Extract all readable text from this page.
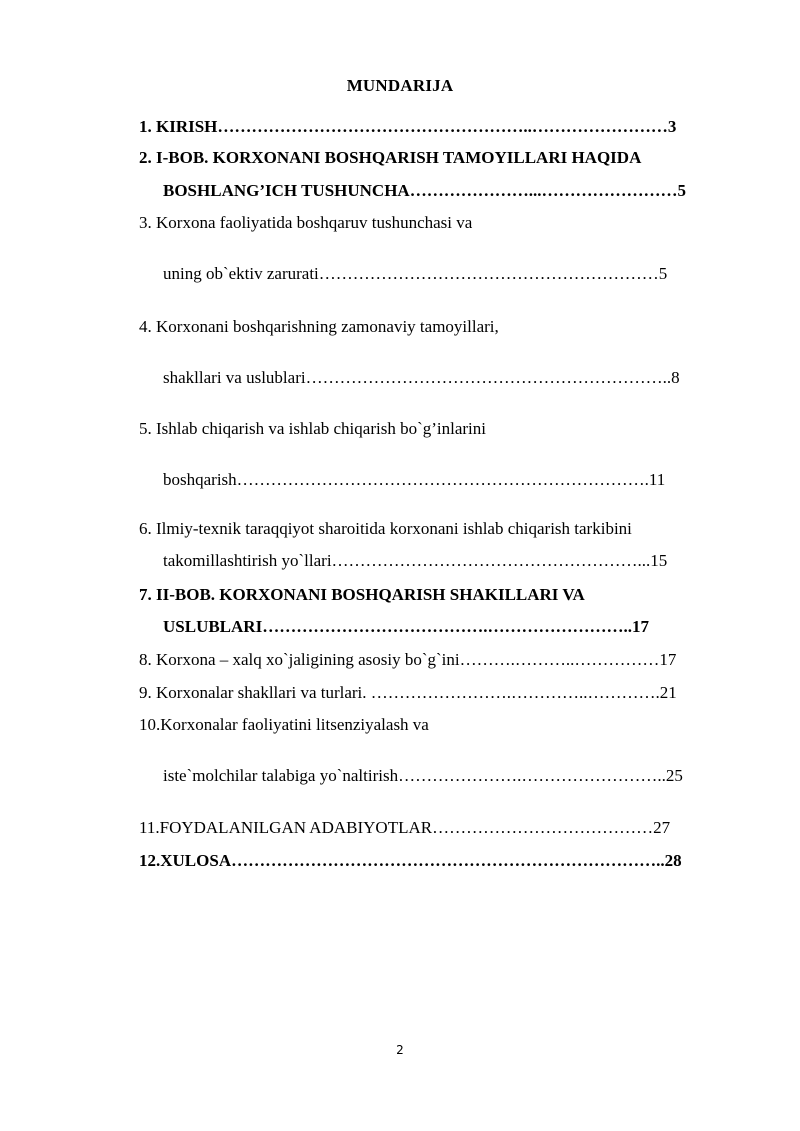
MUNDARIJA
1. KIRISH………………………………………………..……………………3
2. I-BOB. KORXONANI BOSHQARISH TAMOYILLARI HAQIDA
BOSHLANG’ICH TUSHUNCHA…………………...……………………5
3. Korxona faoliyatida boshqaruv tushunchasi va
uning ob`ektiv zarurati……………………………………………………5
4. Korxonani boshqarishning zamonaviy tamoyillari,
shakllari va uslublari………………………………………………………..8
5. Ishlab chiqarish va ishlab chiqarish bo`g’inlarini
boshqarish……………………………………………………………….11
6. Ilmiy-texnik taraqqiyot sharoitida korxonani ishlab chiqarish tarkibini
takomillashtirish yo`llari………………………………………………...15
7. II-BOB. KORXONANI BOSHQARISH SHAKILLARI VA
USLUBLARI………………………………….……………………..17
8. Korxona – xalq xo`jaligining asosiy bo`g`ini……….………..……………17
9. Korxonalar shakllari va turlari. …………………….…………..………….21
10.Korxonalar faoliyatini litsenziyalash va
iste`molchilar talabiga yo`naltirish………………….……………………..25
11.FOYDALANILGAN ADABIYOTLAR…………………………………27
12.XULOSA…………………………………………………………………..28
2
